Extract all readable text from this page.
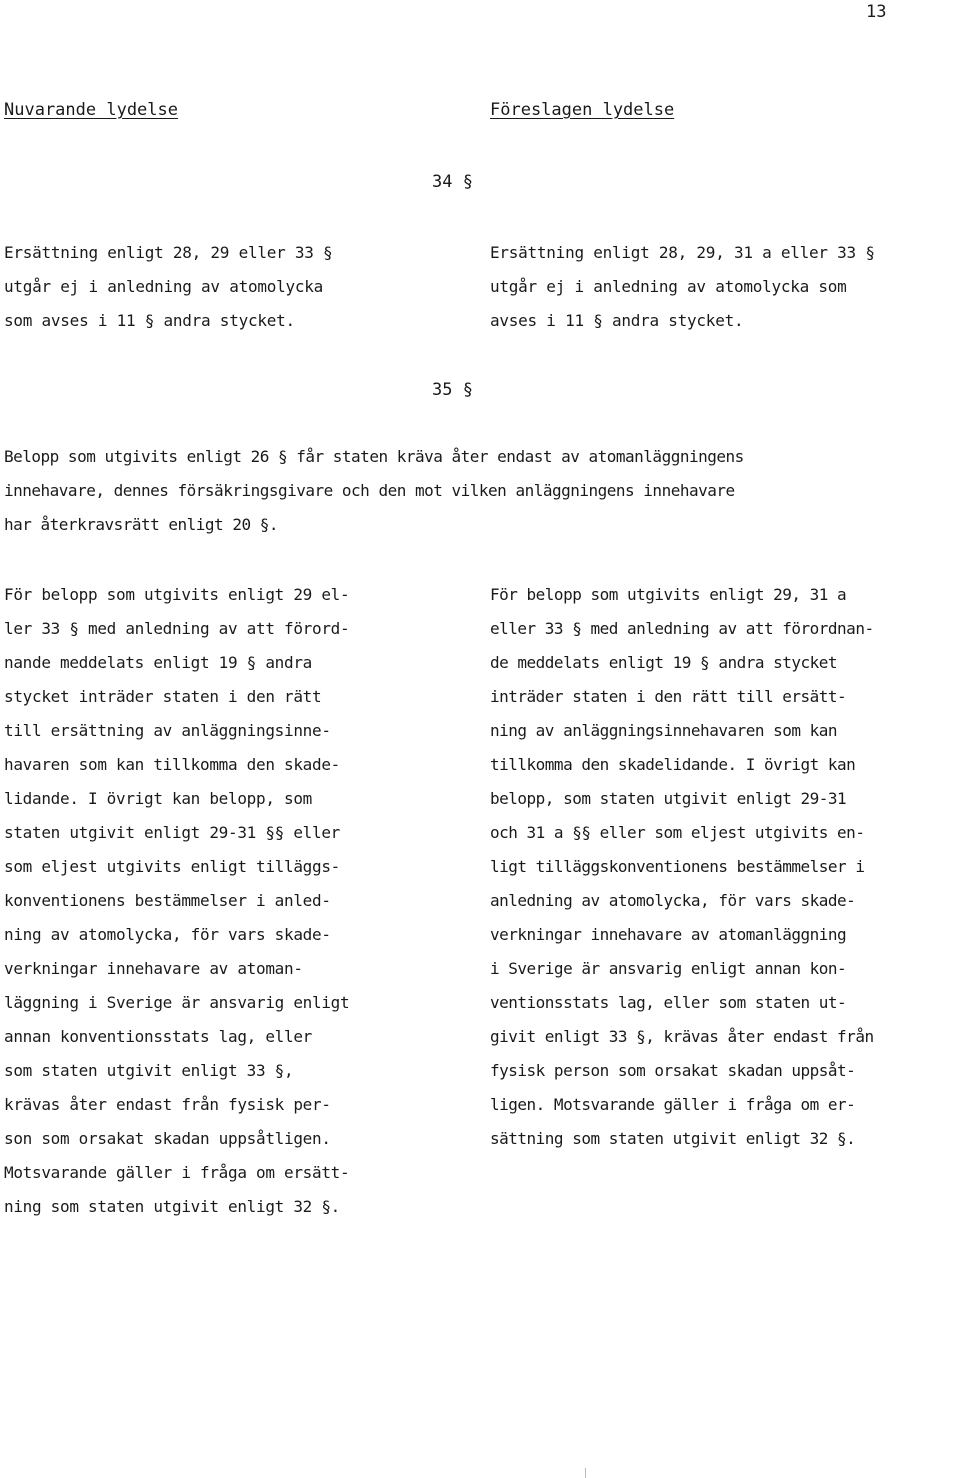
13
Nuvarande lydelse	Föreslagen lydelse
34 §
Ersättning enligt 28, 29 eller 33 §
utgår ej i anledning av atomolycka
som avses i 11 § andra stycket.
Ersättning enligt 28, 29, 31 a eller 33 §
utgår ej i anledning av atomolycka som
avses i 11 § andra stycket.
35 §
Belopp som utgivits enligt 26 § får staten kräva åter endast av atomanläggningens
innehavare, dennes försäkringsgivare och den mot vilken anläggningens innehavare
har återkravsrätt enligt 20 §.
För belopp som utgivits enligt 29 el-
ler 33 § med anledning av att förord-
nande meddelats enligt 19 § andra
stycket inträder staten i den rätt
till ersättning av anläggningsinne-
havaren som kan tillkomma den skade-
lidande. I övrigt kan belopp, som
staten utgivit enligt 29-31 §§ eller
som eljest utgivits enligt tilläggs-
konventionens bestämmelser i anled-
ning av atomolycka, för vars skade-
verkningar innehavare av atoman-
läggning i Sverige är ansvarig enligt
annan konventionsstats lag, eller
som staten utgivit enligt 33 §,
krävas åter endast från fysisk per-
son som orsakat skadan uppsåtligen.
Motsvarande gäller i fråga om ersätt-
ning som staten utgivit enligt 32 §.
För belopp som utgivits enligt 29, 31 a
eller 33 § med anledning av att förordnan-
de meddelats enligt 19 § andra stycket
inträder staten i den rätt till ersätt-
ning av anläggningsinnehavaren som kan
tillkomma den skadelidande. I övrigt kan
belopp, som staten utgivit enligt 29-31
och 31 a §§ eller som eljest utgivits en-
ligt tilläggskonventionens bestämmelser i
anledning av atomolycka, för vars skade-
verkningar innehavare av atomanläggning
i Sverige är ansvarig enligt annan kon-
ventionsstats lag, eller som staten ut-
givit enligt 33 §, krävas åter endast från
fysisk person som orsakat skadan uppsåt-
ligen. Motsvarande gäller i fråga om er-
sättning som staten utgivit enligt 32 §.
